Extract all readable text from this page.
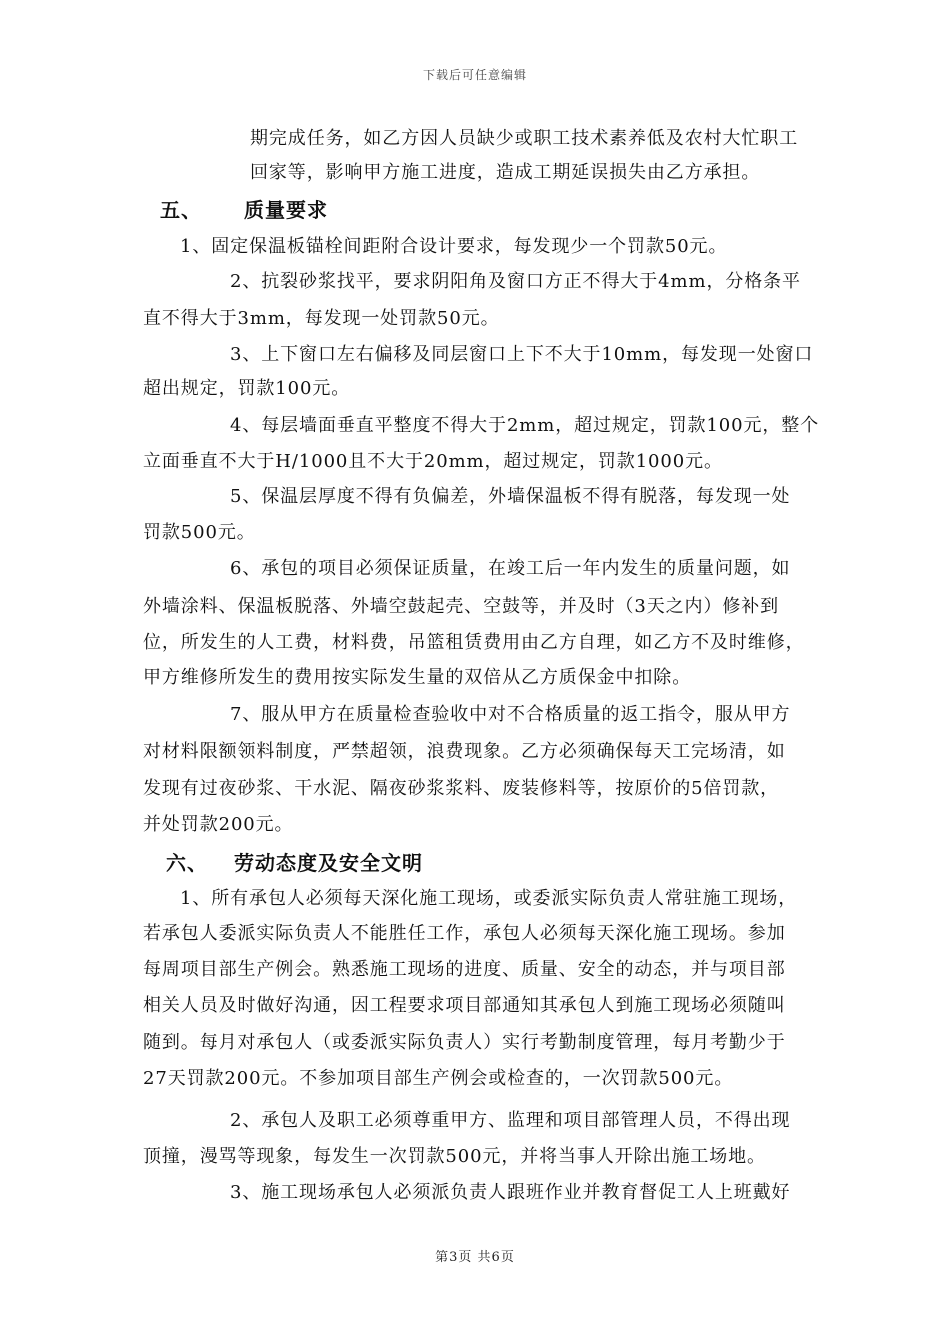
下载后可任意编辑
期完成任务，如乙方因人员缺少或职工技术素养低及农村大忙职工
回家等，影响甲方施工进度，造成工期延误损失由乙方承担。
五、 质量要求
1、固定保温板锚栓间距附合设计要求，每发现少一个罚款50元。
2、抗裂砂浆找平，要求阴阳角及窗口方正不得大于4mm，分格条平
直不得大于3mm，每发现一处罚款50元。
3、上下窗口左右偏移及同层窗口上下不大于10mm，每发现一处窗口
超出规定，罚款100元。
4、每层墙面垂直平整度不得大于2mm，超过规定，罚款100元，整个
立面垂直不大于H/1000且不大于20mm，超过规定，罚款1000元。
5、保温层厚度不得有负偏差，外墙保温板不得有脱落，每发现一处
罚款500元。
6、承包的项目必须保证质量，在竣工后一年内发生的质量问题，如
外墙涂料、保温板脱落、外墙空鼓起壳、空鼓等，并及时（3天之内）修补到
位，所发生的人工费，材料费，吊篮租赁费用由乙方自理，如乙方不及时维修，
甲方维修所发生的费用按实际发生量的双倍从乙方质保金中扣除。
7、服从甲方在质量检查验收中对不合格质量的返工指令，服从甲方
对材料限额领料制度，严禁超领，浪费现象。乙方必须确保每天工完场清，如
发现有过夜砂浆、干水泥、隔夜砂浆浆料、废装修料等，按原价的5倍罚款，
并处罚款200元。
六、 劳动态度及安全文明
1、所有承包人必须每天深化施工现场，或委派实际负责人常驻施工现场，
若承包人委派实际负责人不能胜任工作，承包人必须每天深化施工现场。参加
每周项目部生产例会。熟悉施工现场的进度、质量、安全的动态，并与项目部
相关人员及时做好沟通，因工程要求项目部通知其承包人到施工现场必须随叫
随到。每月对承包人（或委派实际负责人）实行考勤制度管理，每月考勤少于
27天罚款200元。不参加项目部生产例会或检查的，一次罚款500元。
2、承包人及职工必须尊重甲方、监理和项目部管理人员，不得出现
顶撞，漫骂等现象，每发生一次罚款500元，并将当事人开除出施工场地。
3、施工现场承包人必须派负责人跟班作业并教育督促工人上班戴好
第3页 共6页
